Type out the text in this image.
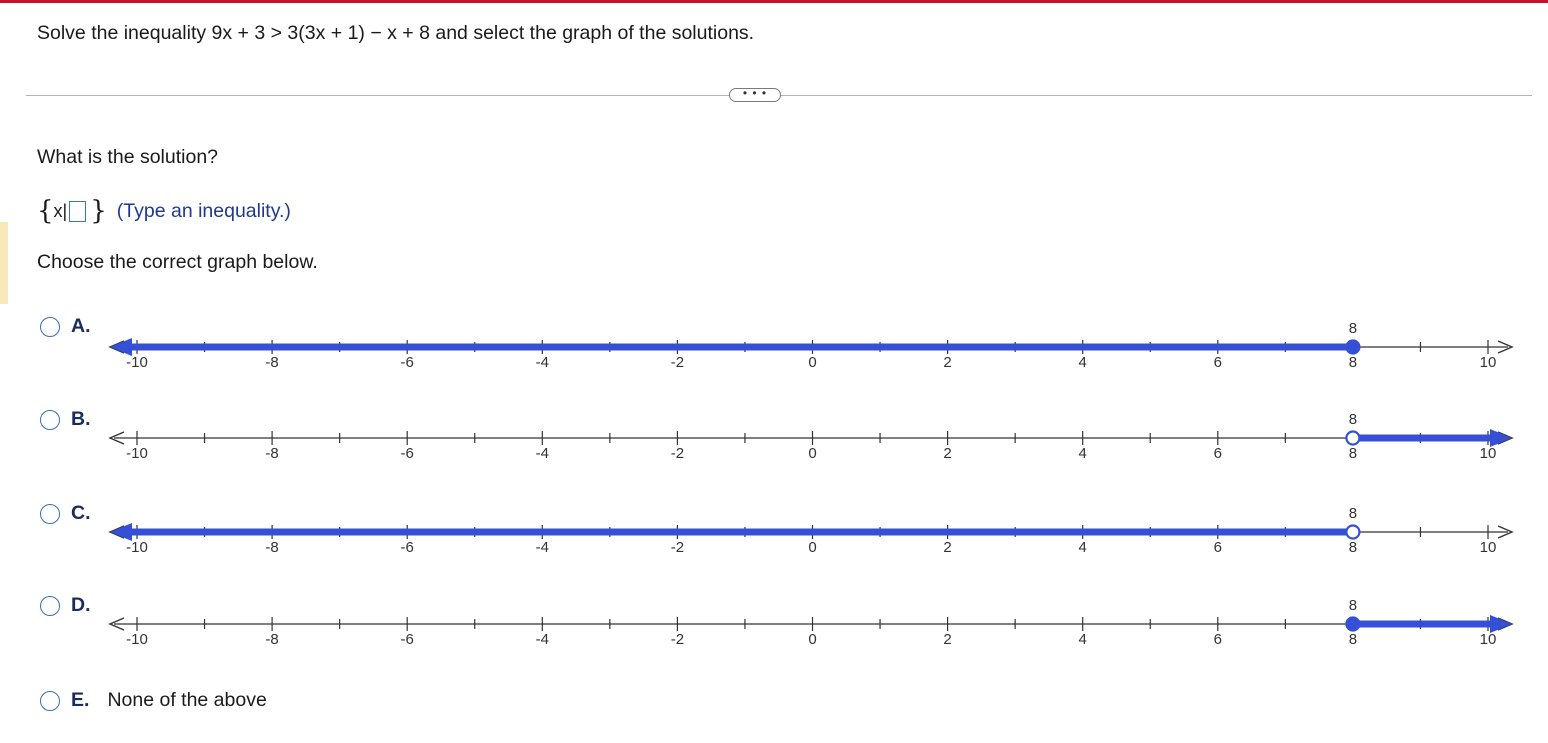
Solve the inequality 9x + 3 > 3(3x + 1) − x + 8 and select the graph of the solutions.
• • •
What is the solution?
{ x| } (Type an inequality.)
Choose the correct graph below.
A.	8
-10	-8	-6	-4	-2	0	2	4	6	8	10
B.	8
-10	-8	-6	-4	-2	0	2	4	6	8	10
C.	8
-10	-8	-6	-4	-2	0	2	4	6	8	10
D.	8
-10	-8	-6	-4	-2	0	2	4	6	8	10
E. None of the above
